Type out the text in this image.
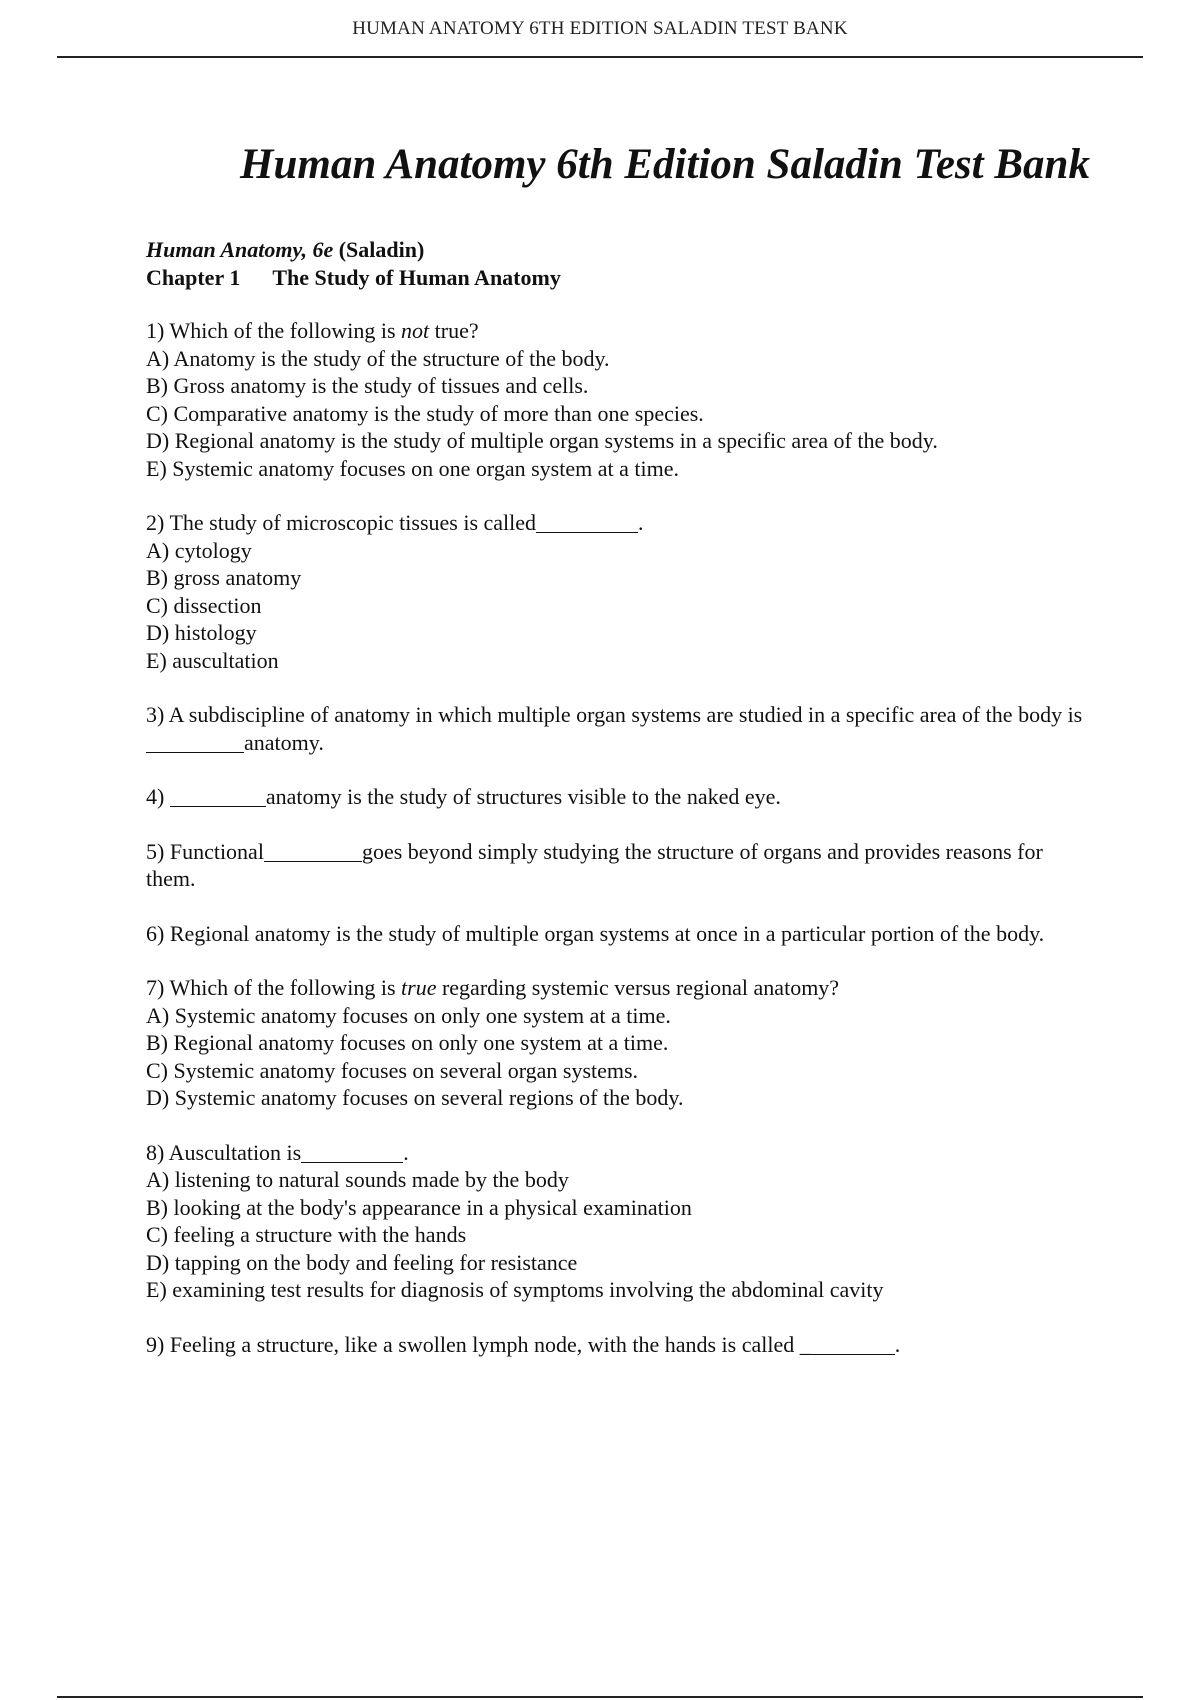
HUMAN ANATOMY 6TH EDITION SALADIN TEST BANK
Human Anatomy 6th Edition Saladin Test Bank
Human Anatomy, 6e (Saladin)
Chapter 1 The Study of Human Anatomy
1) Which of the following is not true?
A) Anatomy is the study of the structure of the body.
B) Gross anatomy is the study of tissues and cells.
C) Comparative anatomy is the study of more than one species.
D) Regional anatomy is the study of multiple organ systems in a specific area of the body.
E) Systemic anatomy focuses on one organ system at a time.
2) The study of microscopic tissues is called	.
A) cytology
B) gross anatomy
C) dissection
D) histology
E) auscultation
3) A subdiscipline of anatomy in which multiple organ systems are studied in a specific area of the body isanatomy.
4)	anatomy is the study of structures visible to the naked eye.
5) Functional	goes beyond simply studying the structure of organs and provides reasons for them.
6) Regional anatomy is the study of multiple organ systems at once in a particular portion of the body.
7) Which of the following is true regarding systemic versus regional anatomy?
A) Systemic anatomy focuses on only one system at a time.
B) Regional anatomy focuses on only one system at a time.
C) Systemic anatomy focuses on several organ systems.
D) Systemic anatomy focuses on several regions of the body.
8) Auscultation is	.
A) listening to natural sounds made by the body
B) looking at the body's appearance in a physical examination
C) feeling a structure with the hands
D) tapping on the body and feeling for resistance
E) examining test results for diagnosis of symptoms involving the abdominal cavity
9) Feeling a structure, like a swollen lymph node, with the hands is called _	.
